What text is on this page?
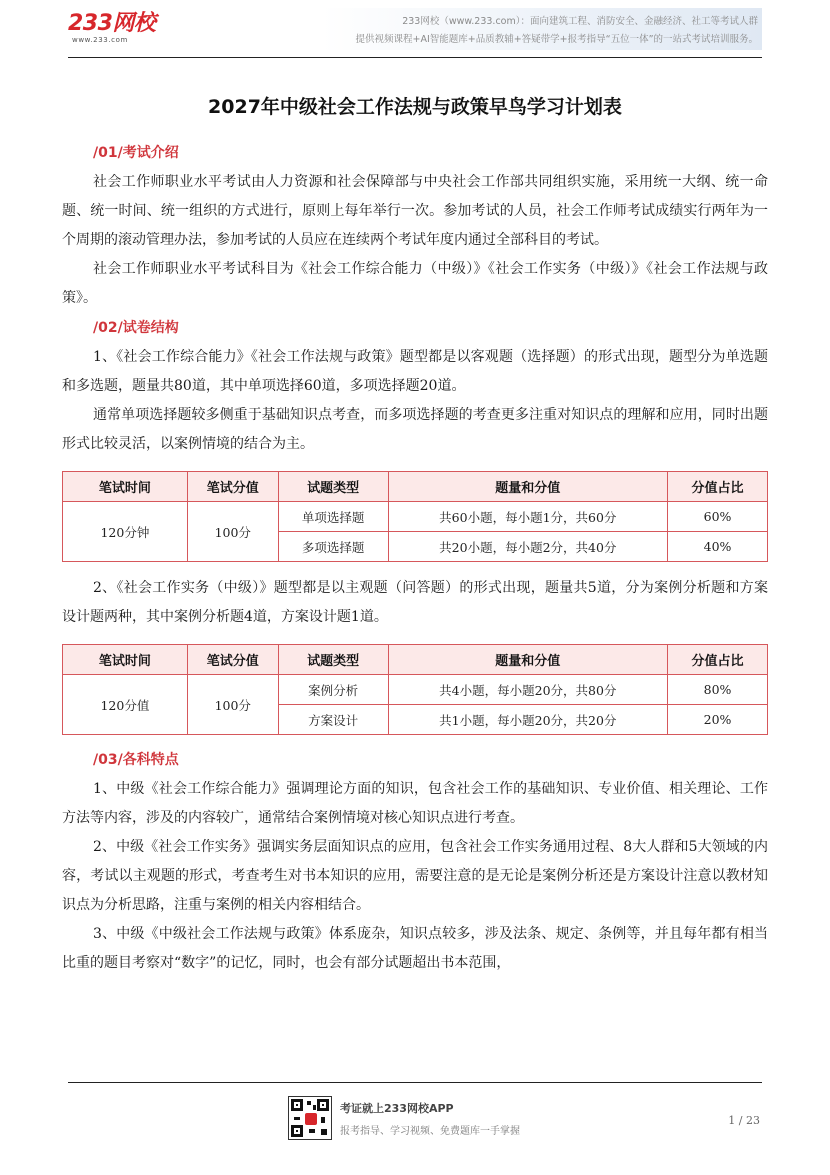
233网校
www.233.com
233网校（www.233.com）：面向建筑工程、消防安全、金融经济、社工等考试人群
提供视频课程+AI智能题库+品质教辅+答疑带学+报考指导“五位一体”的一站式考试培训服务。
2027年中级社会工作法规与政策早鸟学习计划表
/01/考试介绍

社会工作师职业水平考试由人力资源和社会保障部与中央社会工作部共同组织实施，采用统一大纲、统一命题、统一时间、统一组织的方式进行，原则上每年举行一次。参加考试的人员，社会工作师考试成绩实行两年为一个周期的滚动管理办法，参加考试的人员应在连续两个考试年度内通过全部科目的考试。

社会工作师职业水平考试科目为《社会工作综合能力（中级）》《社会工作实务（中级）》《社会工作法规与政策》。

/02/试卷结构

1、《社会工作综合能力》《社会工作法规与政策》题型都是以客观题（选择题）的形式出现，题型分为单选题和多选题，题量共80道，其中单项选择60道，多项选择题20道。

通常单项选择题较多侧重于基础知识点考查，而多项选择题的考查更多注重对知识点的理解和应用，同时出题形式比较灵活，以案例情境的结合为主。

笔试时间	笔试分值	试题类型	题量和分值	分值占比
120分钟	100分	单项选择题	共60小题，每小题1分，共60分	60%
		多项选择题	共20小题，每小题2分，共40分	40%

2、《社会工作实务（中级）》题型都是以主观题（问答题）的形式出现，题量共5道，分为案例分析题和方案设计题两种，其中案例分析题4道，方案设计题1道。

笔试时间	笔试分值	试题类型	题量和分值	分值占比
120分值	100分	案例分析	共4小题，每小题20分，共80分	80%
		方案设计	共1小题，每小题20分，共20分	20%
/03/各科特点

1、中级《社会工作综合能力》强调理论方面的知识，包含社会工作的基础知识、专业价值、相关理论、工作方法等内容，涉及的内容较广，通常结合案例情境对核心知识点进行考查。

2、中级《社会工作实务》强调实务层面知识点的应用，包含社会工作实务通用过程、8大人群和5大领域的内容，考试以主观题的形式，考查考生对书本知识的应用，需要注意的是无论是案例分析还是方案设计注意以教材知识点为分析思路，注重与案例的相关内容相结合。

3、中级《中级社会工作法规与政策》体系庞杂，知识点较多，涉及法条、规定、条例等，并且每年都有相当比重的题目考察对“数字”的记忆，同时，也会有部分试题超出书本范围，

考证就上233网校APP
报考指导、学习视频、免费题库一手掌握
1 / 23
